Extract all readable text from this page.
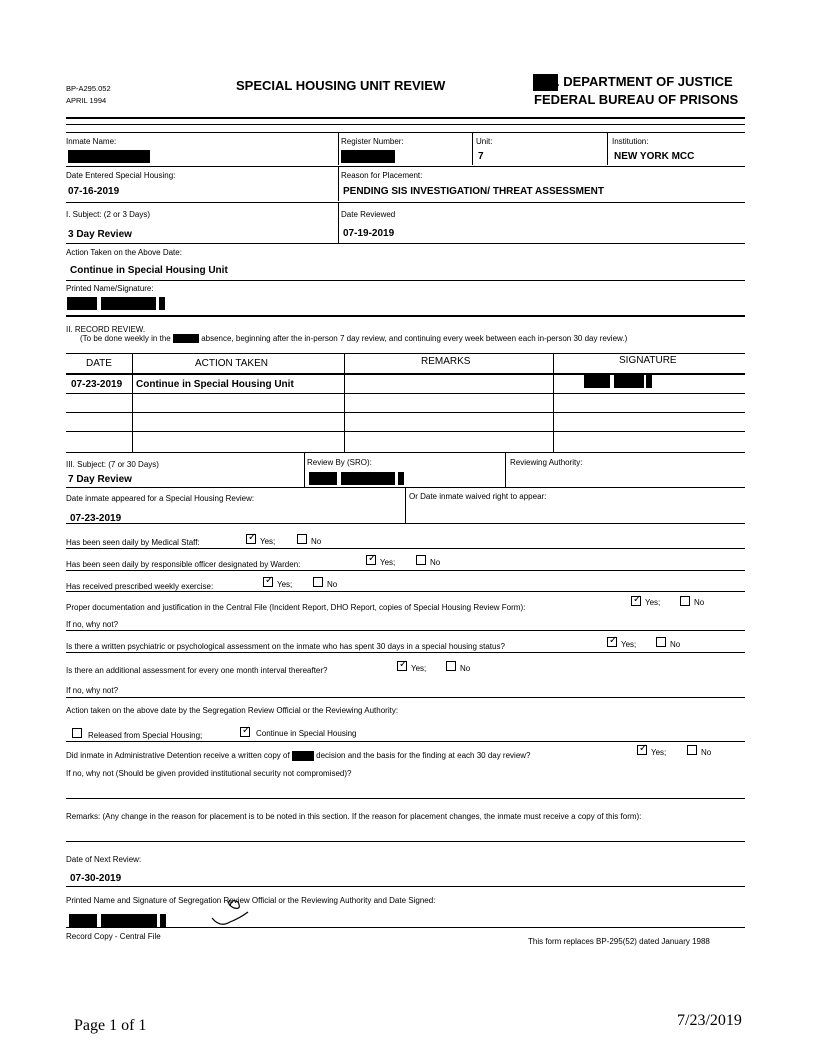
BP-A295.052
APRIL 1994
SPECIAL HOUSING UNIT REVIEW	. DEPARTMENT OF JUSTICE
FEDERAL BUREAU OF PRISONS
Inmate Name:	Register Number:	Unit:
7
Institution:
NEW YORK MCC
Date Entered Special Housing:
07-16-2019
Reason for Placement:
PENDING SIS INVESTIGATION/ THREAT ASSESSMENT
I. Subject: (2 or 3 Days)
3 Day Review
Date Reviewed
07-19-2019
Action Taken on the Above Date:
Continue in Special Housing Unit
Printed Name/Signature:
II. RECORD REVIEW.
(To be done weekly in the	absence, beginning after the in-person 7 day review, and continuing every week between each in-person 30 day review.)
DATE	ACTION TAKEN	REMARKS	SIGNATURE
07-23-2019 Continue in Special Housing Unit
III. Subject: (7 or 30 Days)
7 Day Review
Review By (SRO):	Reviewing Authority:
Date inmate appeared for a Special Housing Review:
07-23-2019
Or Date inmate waived right to appear:
Has been seen daily by Medical Staff: ✓	Yes;	No
Has been seen daily by responsible officer designated by Warden: ✓	Yes;	No
Has received prescribed weekly exercise: ✓	Yes;	No
Proper documentation and justification in the Central File (Incident Report, DHO Report, copies of Special Housing Review Form):
✓
Yes;	No
If no, why not?
Is there a written psychiatric or psychological assessment on the inmate who has spent 30 days in a special housing status? ✓	Yes;	No
Is there an additional assessment for every one month interval thereafter? ✓	Yes;	No
If no, why not?
Action taken on the above date by the Segregation Review Official or the Reviewing Authority:
Released from Special Housing; ✓	Continue in Special Housing
Did inmate in Administrative Detention receive a written copy of	decision and the basis for the finding at each 30 day review? ✓	Yes;	No
If no, why not (Should be given provided institutional security not compromised)?
Remarks: (Any change in the reason for placement is to be noted in this section. If the reason for placement changes, the inmate must receive a copy of this form):
Date of Next Review:
07-30-2019
Printed Name and Signature of Segregation Review Official or the Reviewing Authority and Date Signed:
Record Copy - Central File
This form replaces BP-295(52) dated January 1988
Page 1 of 1	7/23/2019
